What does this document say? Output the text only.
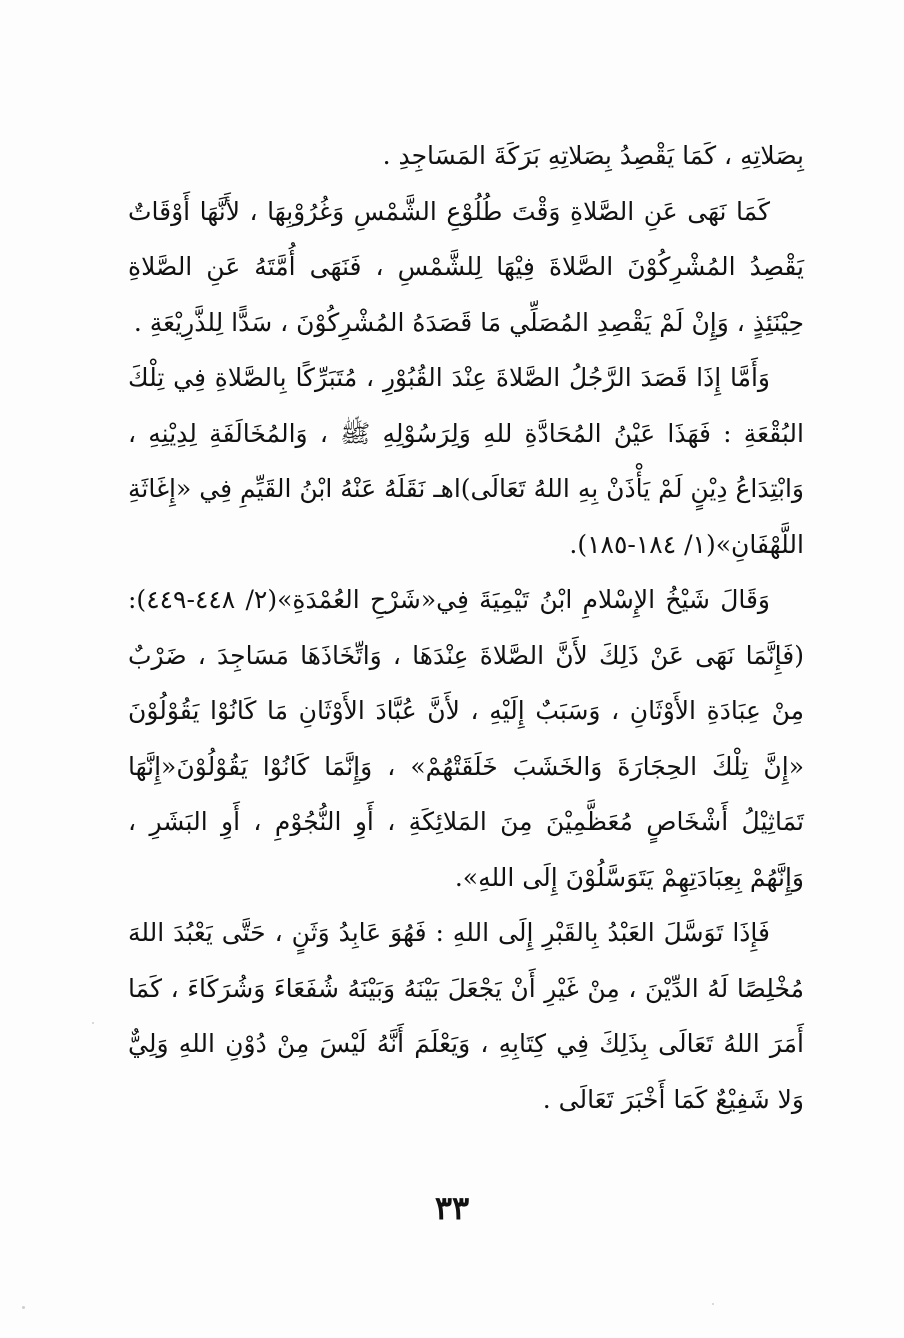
بِصَلاتِهِ ، كَمَا يَقْصِدُ بِصَلاتِهِ بَرَكَةَ المَسَاجِدِ .

كَمَا نَهَى عَنِ الصَّلاةِ وَقْتَ طُلُوْعِ الشَّمْسِ وَغُرُوْبِهَا ، لأَنَّهَا أَوْقَاتٌ يَقْصِدُ المُشْرِكُوْنَ الصَّلاةَ فِيْهَا لِلشَّمْسِ ، فَنَهَى أُمَّتَهُ عَنِ الصَّلاةِ حِيْنَئِذٍ ، وَإِنْ لَمْ يَقْصِدِ المُصَلِّي مَا قَصَدَهُ المُشْرِكُوْنَ ، سَدًّا لِلذَّرِيْعَةِ .

وَأَمَّا إِذَا قَصَدَ الرَّجُلُ الصَّلاةَ عِنْدَ القُبُوْرِ ، مُتَبَرِّكًا بِالصَّلاةِ فِي تِلْكَ البُقْعَةِ : فَهَذَا عَيْنُ المُحَادَّةِ للهِ وَلِرَسُوْلِهِ ﷺ ، وَالمُخَالَفَةِ لِدِيْنِهِ ، وَابْتِدَاعُ دِيْنٍ لَمْ يَأْذَنْ بِهِ اللهُ تَعَالَى)اهـ نَقَلَهُ عَنْهُ ابْنُ القَيِّمِ فِي «إِغَاثَةِ اللَّهْفَانِ»(١/ ١٨٤-١٨٥).

وَقَالَ شَيْخُ الإِسْلامِ ابْنُ تَيْمِيَةَ فِي«شَرْحِ العُمْدَةِ»(٢/ ٤٤٨-٤٤٩): (فَإِنَّمَا نَهَى عَنْ ذَلِكَ لأَنَّ الصَّلاةَ عِنْدَهَا ، وَاتِّخَاذَهَا مَسَاجِدَ ، ضَرْبٌ مِنْ عِبَادَةِ الأَوْثَانِ ، وَسَبَبٌ إِلَيْهِ ، لأَنَّ عُبَّادَ الأَوْثَانِ مَا كَانُوْا يَقُوْلُوْنَ «إِنَّ تِلْكَ الحِجَارَةَ وَالخَشَبَ خَلَقَتْهُمْ» ، وَإِنَّمَا كَانُوْا يَقُوْلُوْنَ«إِنَّهَا تَمَاثِيْلُ أَشْخَاصٍ مُعَظَّمِيْنَ مِنَ المَلائِكَةِ ، أَوِ النُّجُوْمِ ، أَوِ البَشَرِ ، وَإِنَّهُمْ بِعِبَادَتِهِمْ يَتَوَسَّلُوْنَ إِلَى اللهِ».

فَإِذَا تَوَسَّلَ العَبْدُ بِالقَبْرِ إِلَى اللهِ : فَهُوَ عَابِدُ وَثَنٍ ، حَتَّى يَعْبُدَ اللهَ مُخْلِصًا لَهُ الدِّيْنَ ، مِنْ غَيْرِ أَنْ يَجْعَلَ بَيْنَهُ وَبَيْنَهُ شُفَعَاءَ وَشُرَكَاءَ ، كَمَا أَمَرَ اللهُ تَعَالَى بِذَلِكَ فِي كِتَابِهِ ، وَيَعْلَمَ أَنَّهُ لَيْسَ مِنْ دُوْنِ اللهِ وَلِيٌّ وَلا شَفِيْعٌ كَمَا أَخْبَرَ تَعَالَى .

٣٣
